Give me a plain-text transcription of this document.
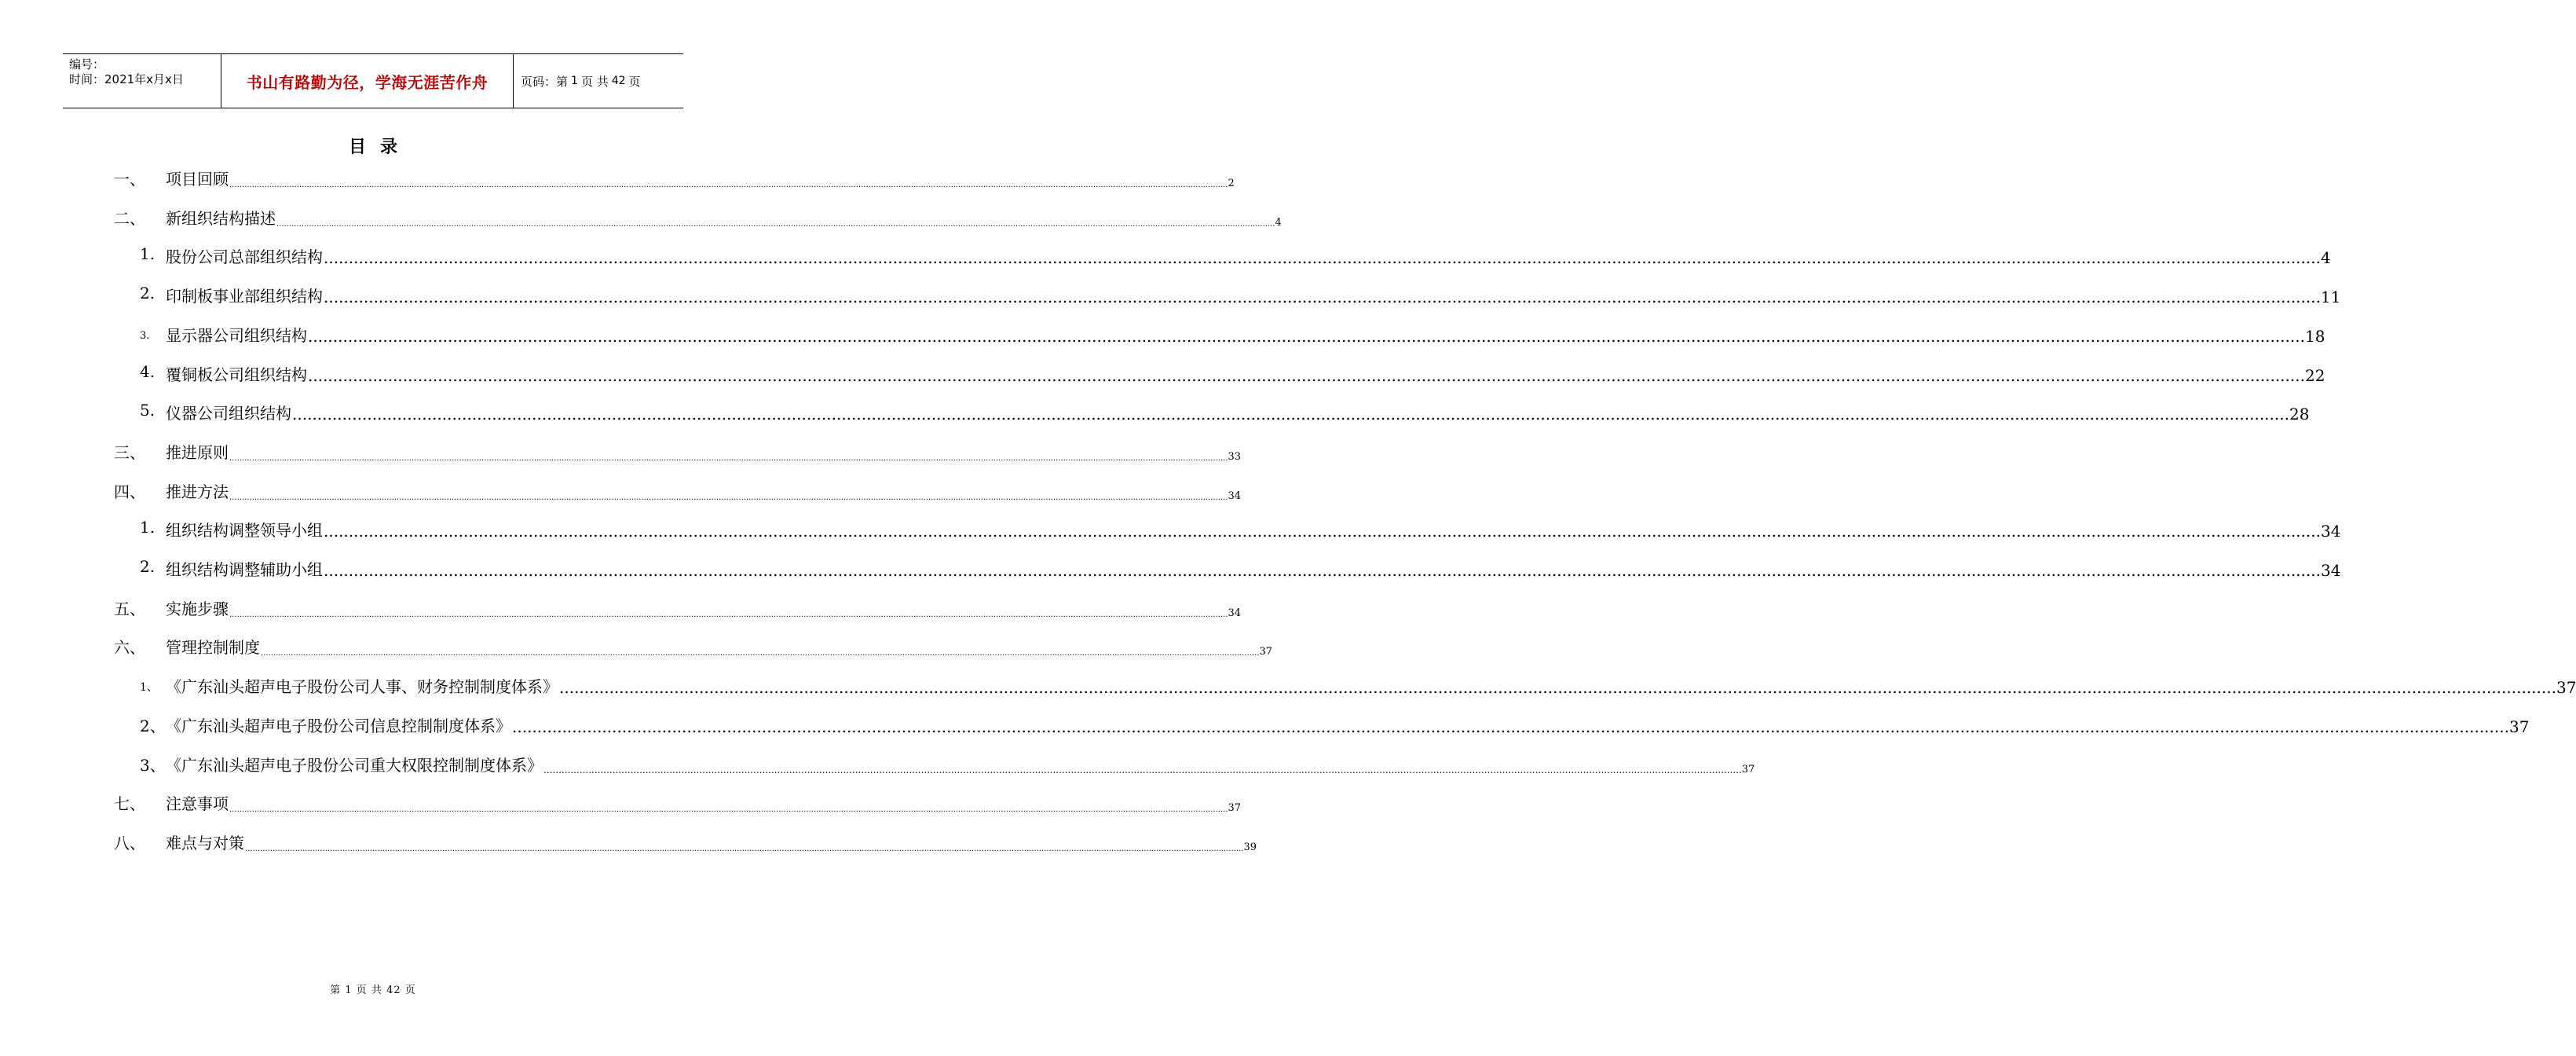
编号：
时间：2021年x月x日	书山有路勤为径，学海无涯苦作舟	页码：第 1 页 共 42 页
目录
一、 项目回顾 ................................................................................................................................................................................................................................................................................................................................................................................................................ 2
二、 新组织结构描述 ................................................................................................................................................................................................................................................................................................................................................................................................................ 4
1. 股份公司总部组织结构 ................................................................................................................................................................................................................................................................................................................................................................................................................ 4
2. 印制板事业部组织结构 ................................................................................................................................................................................................................................................................................................................................................................................................................ 11
3. 显示器公司组织结构 ................................................................................................................................................................................................................................................................................................................................................................................................................ 18
4. 覆铜板公司组织结构 ................................................................................................................................................................................................................................................................................................................................................................................................................ 22
5. 仪器公司组织结构 ................................................................................................................................................................................................................................................................................................................................................................................................................ 28
三、 推进原则 ................................................................................................................................................................................................................................................................................................................................................................................................................ 33
四、 推进方法 ................................................................................................................................................................................................................................................................................................................................................................................................................ 34
1. 组织结构调整领导小组 ................................................................................................................................................................................................................................................................................................................................................................................................................ 34
2. 组织结构调整辅助小组 ................................................................................................................................................................................................................................................................................................................................................................................................................ 34
五、 实施步骤 ................................................................................................................................................................................................................................................................................................................................................................................................................ 34
六、 管理控制制度 ................................................................................................................................................................................................................................................................................................................................................................................................................ 37
1、 《广东汕头超声电子股份公司人事、财务控制制度体系》 ................................................................................................................................................................................................................................................................................................................................................................................................................ 37
2、 《广东汕头超声电子股份公司信息控制制度体系》 ................................................................................................................................................................................................................................................................................................................................................................................................................ 37
3、 《广东汕头超声电子股份公司重大权限控制制度体系》 ................................................................................................................................................................................................................................................................................................................................................................................................................ 37
七、 注意事项 ................................................................................................................................................................................................................................................................................................................................................................................................................ 37
八、 难点与对策 ................................................................................................................................................................................................................................................................................................................................................................................................................ 39
第 1 页 共 42 页
